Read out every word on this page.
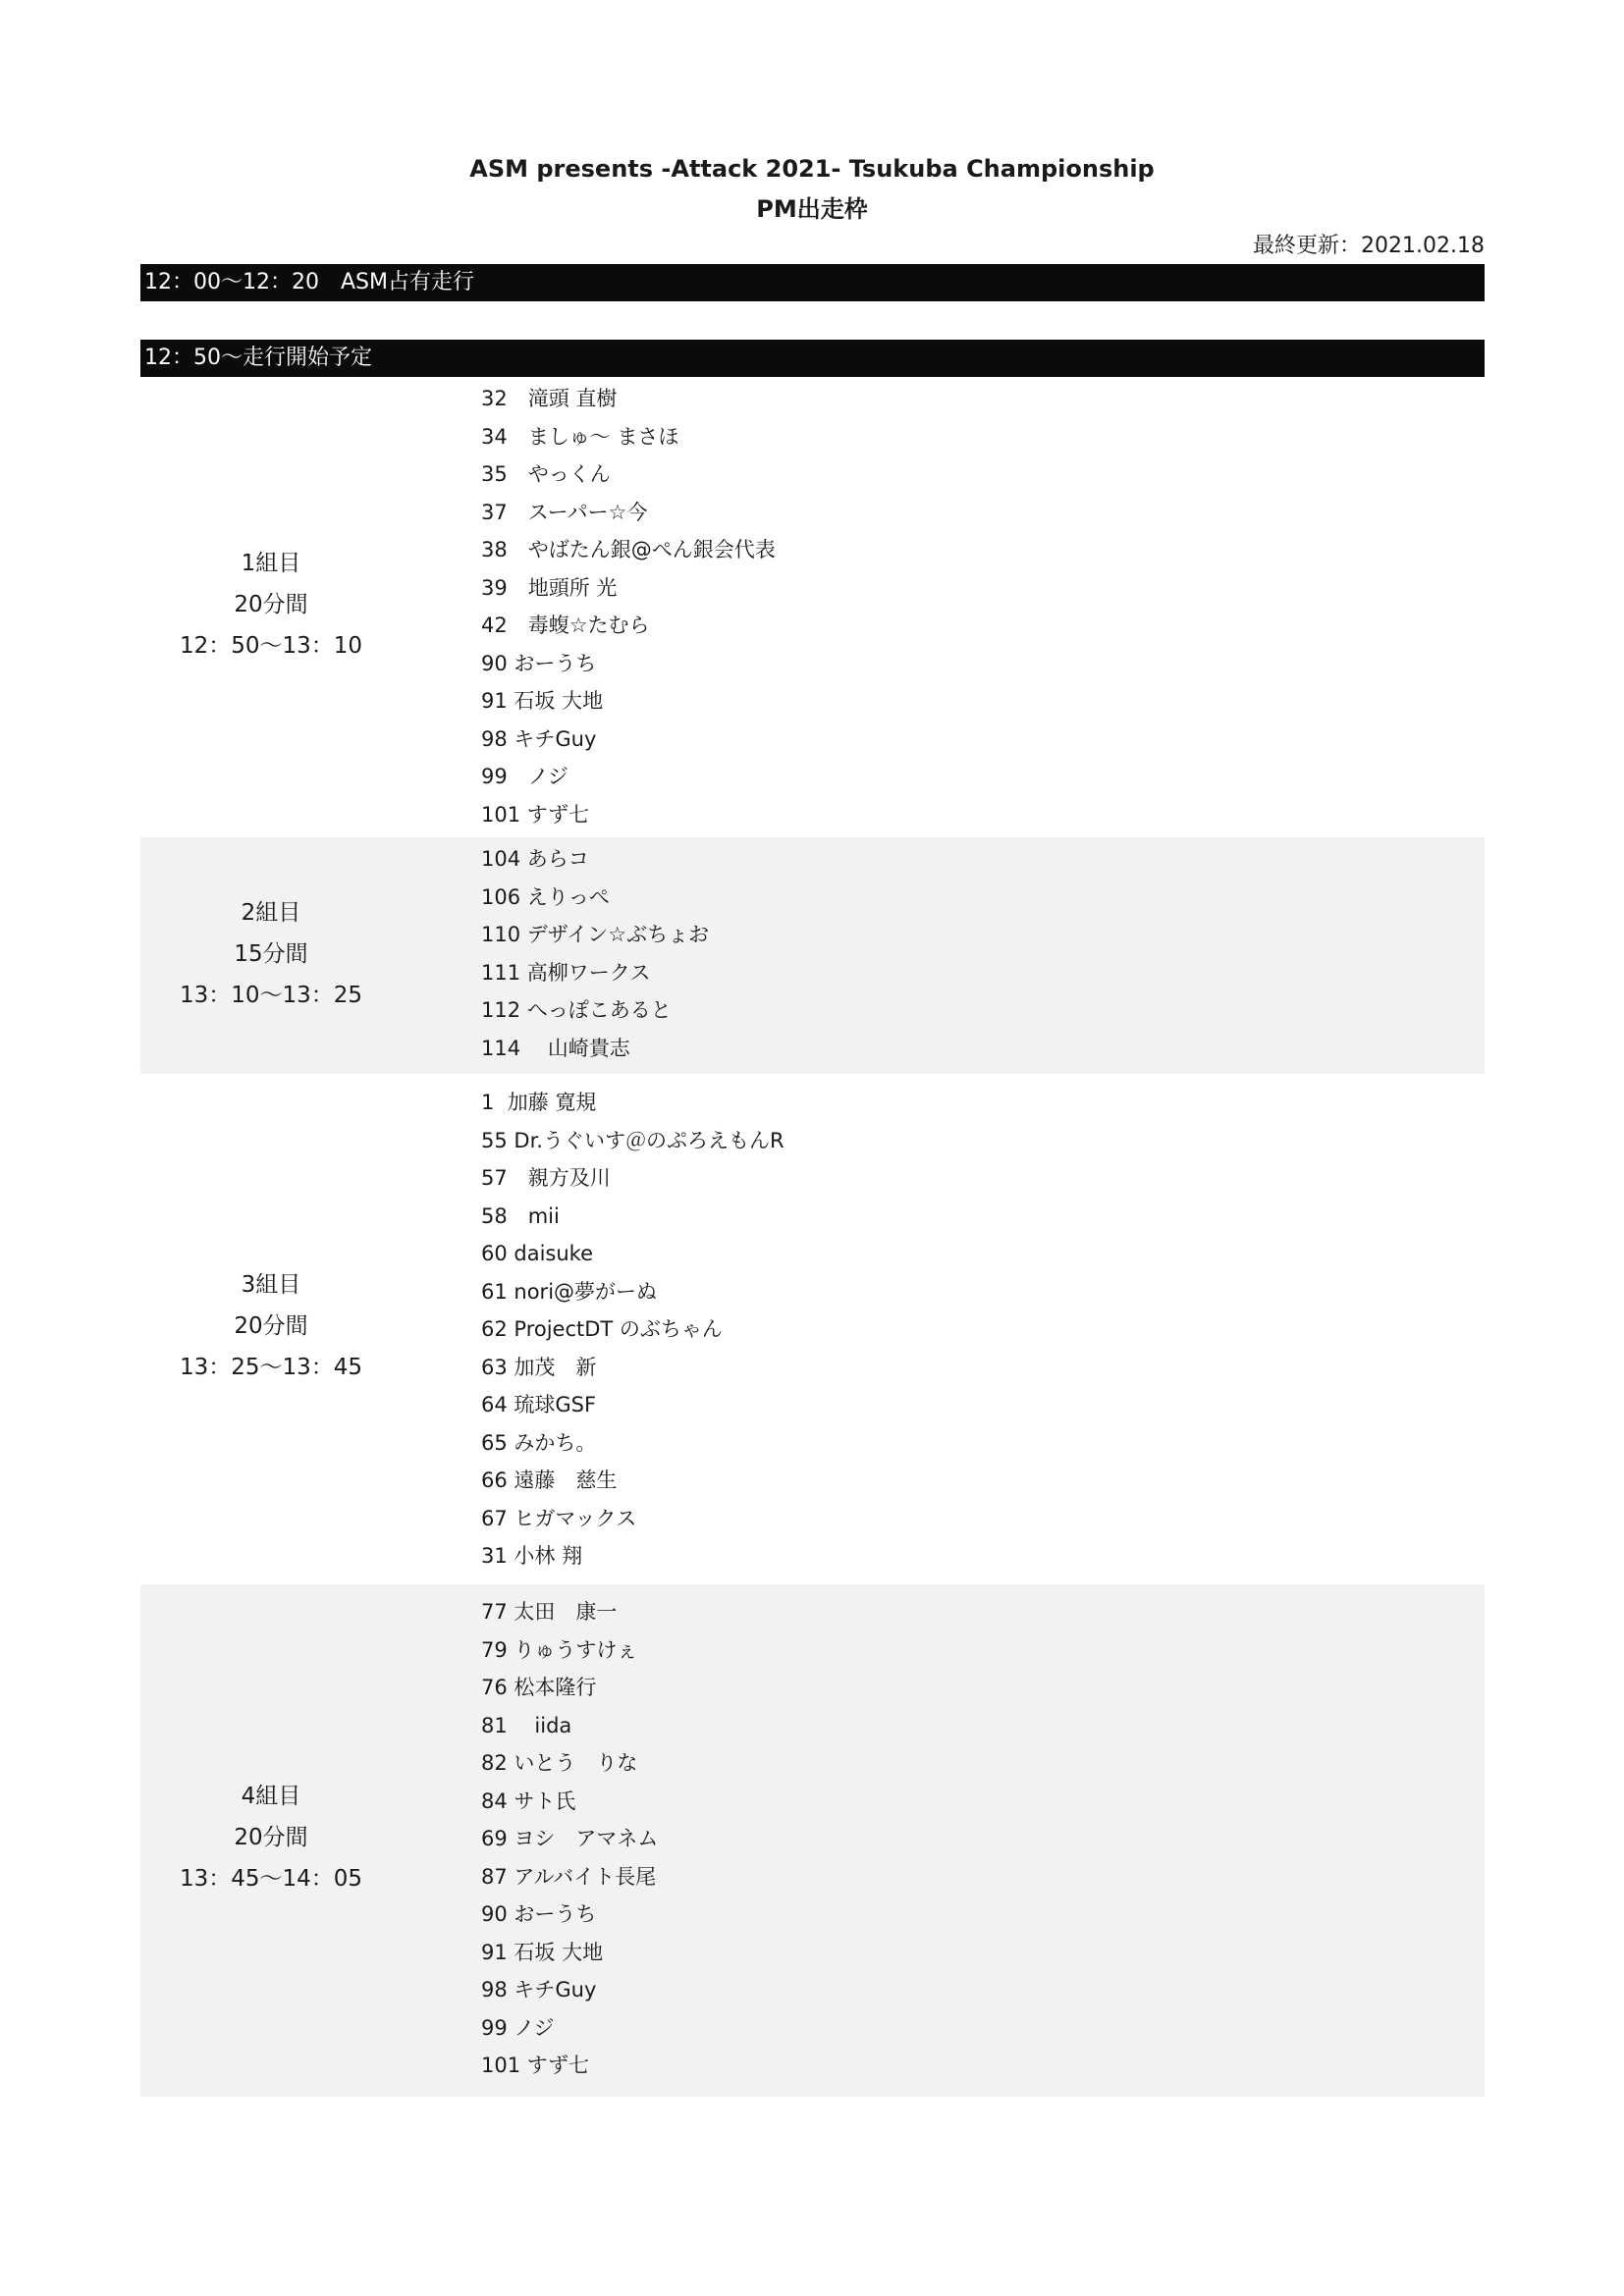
ASM presents -Attack 2021- Tsukuba Championship
PM出走枠
最終更新：2021.02.18
12：00～12：20　ASM占有走行
12：50～走行開始予定
1組目
20分間
12：50～13：10
32　滝頭 直樹
34　ましゅ～ まさほ
35　やっくん
37　スーパー☆今
38　やばたん銀@ぺん銀会代表
39　地頭所 光
42　毒蝮☆たむら
90 おーうち
91 石坂 大地
98 キチGuy
99　ノジ
101 すず七
2組目
15分間
13：10～13：25
104 あらコ
106 えりっぺ
110 デザイン☆ぶちょお
111 高柳ワークス
112 へっぽこあると
114　 山崎貴志
3組目
20分間
13：25～13：45
1  加藤 寛規
55 Dr.うぐいす＠のぷろえもんR
57　親方及川
58　mii
60 daisuke
61 nori@夢がーぬ
62 ProjectDT のぶちゃん
63 加茂　新
64 琉球GSF
65 みかち。
66 遠藤　慈生
67 ヒガマックス
31 小林 翔
4組目
20分間
13：45～14：05
77 太田　康一
79 りゅうすけぇ
76 松本隆行
81　 iida
82 いとう　りな
84 サト氏
69 ヨシ　アマネム
87 アルバイト長尾
90 おーうち
91 石坂 大地
98 キチGuy
99 ノジ
101 すず七
